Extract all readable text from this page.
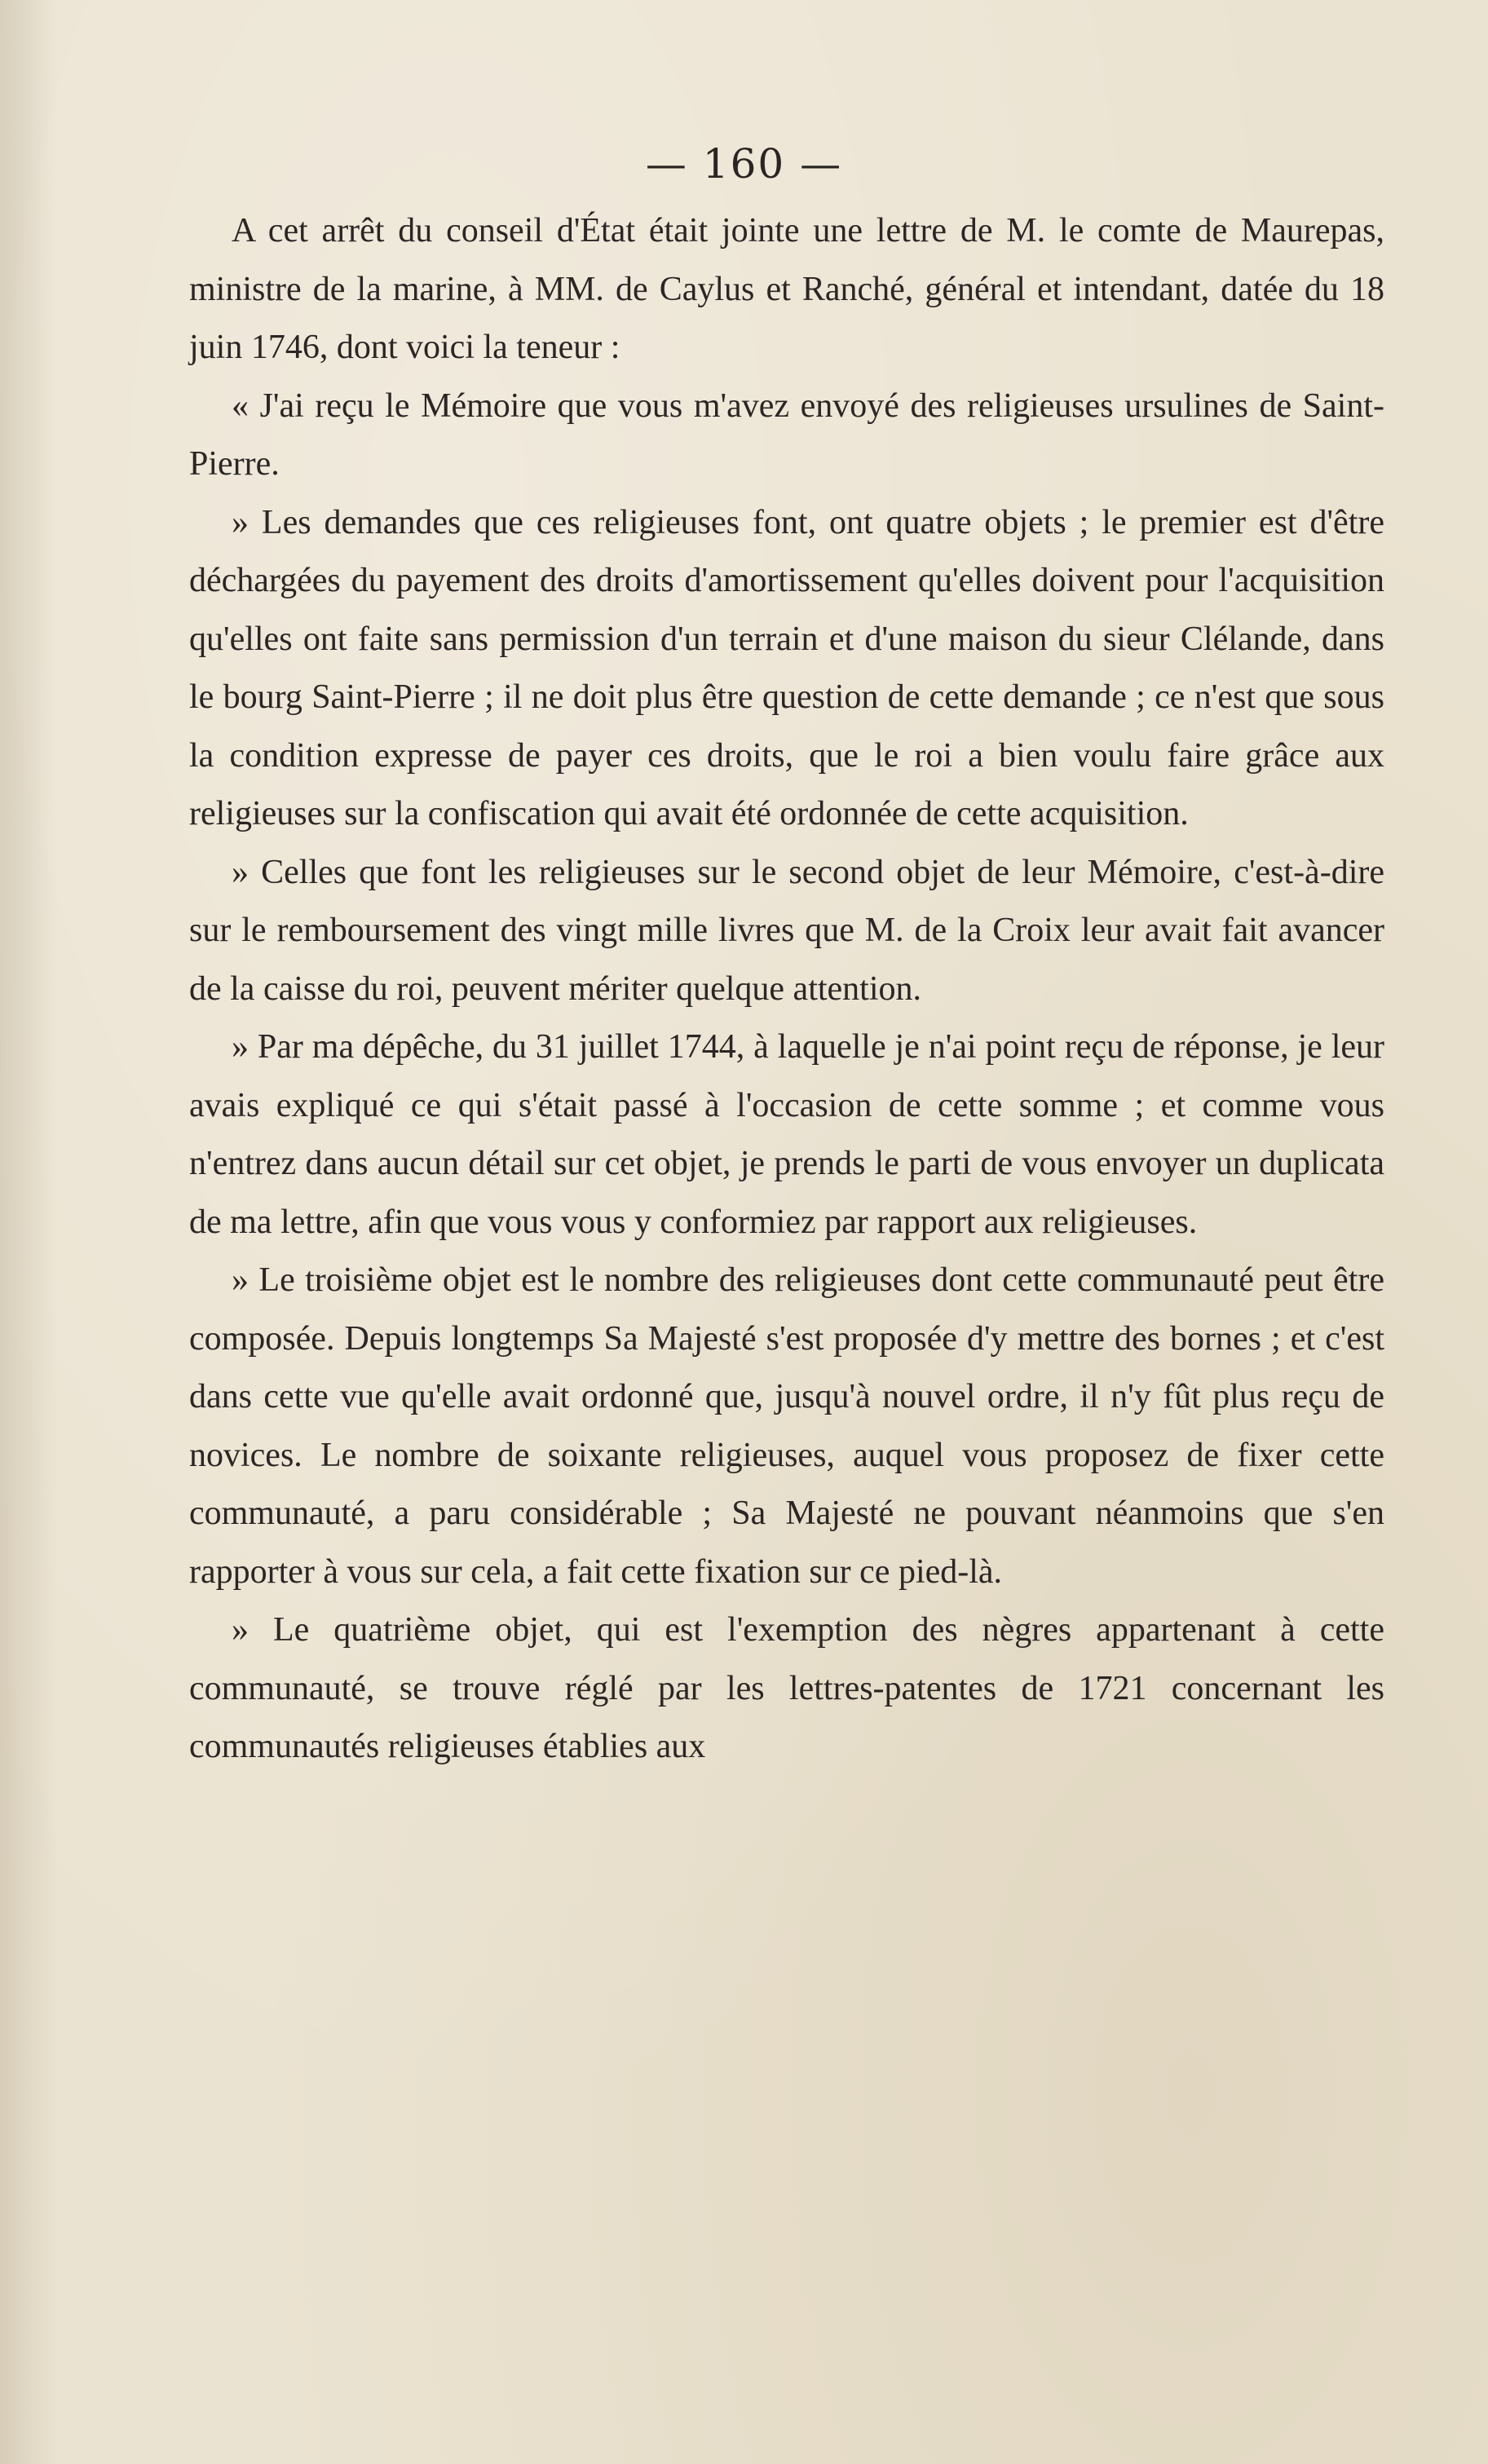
— 160 —

A cet arrêt du conseil d'État était jointe une lettre de M. le comte de Maurepas, ministre de la marine, à MM. de Caylus et Ranché, général et intendant, datée du 18 juin 1746, dont voici la teneur :

« J'ai reçu le Mémoire que vous m'avez envoyé des religieuses ursulines de Saint-Pierre.

» Les demandes que ces religieuses font, ont quatre objets ; le premier est d'être déchargées du payement des droits d'amortissement qu'elles doivent pour l'acquisition qu'elles ont faite sans permission d'un terrain et d'une maison du sieur Clélande, dans le bourg Saint-Pierre ; il ne doit plus être question de cette demande ; ce n'est que sous la condition expresse de payer ces droits, que le roi a bien voulu faire grâce aux religieuses sur la confiscation qui avait été ordonnée de cette acquisition.

» Celles que font les religieuses sur le second objet de leur Mémoire, c'est-à-dire sur le remboursement des vingt mille livres que M. de la Croix leur avait fait avancer de la caisse du roi, peuvent mériter quelque attention.

» Par ma dépêche, du 31 juillet 1744, à laquelle je n'ai point reçu de réponse, je leur avais expliqué ce qui s'était passé à l'occasion de cette somme ; et comme vous n'entrez dans aucun détail sur cet objet, je prends le parti de vous envoyer un duplicata de ma lettre, afin que vous vous y conformiez par rapport aux religieuses.

» Le troisième objet est le nombre des religieuses dont cette communauté peut être composée. Depuis longtemps Sa Majesté s'est proposée d'y mettre des bornes ; et c'est dans cette vue qu'elle avait ordonné que, jusqu'à nouvel ordre, il n'y fût plus reçu de novices. Le nombre de soixante religieuses, auquel vous proposez de fixer cette communauté, a paru considérable ; Sa Majesté ne pouvant néanmoins que s'en rapporter à vous sur cela, a fait cette fixation sur ce pied-là.

» Le quatrième objet, qui est l'exemption des nègres appartenant à cette communauté, se trouve réglé par les lettres-patentes de 1721 concernant les communautés religieuses établies aux
